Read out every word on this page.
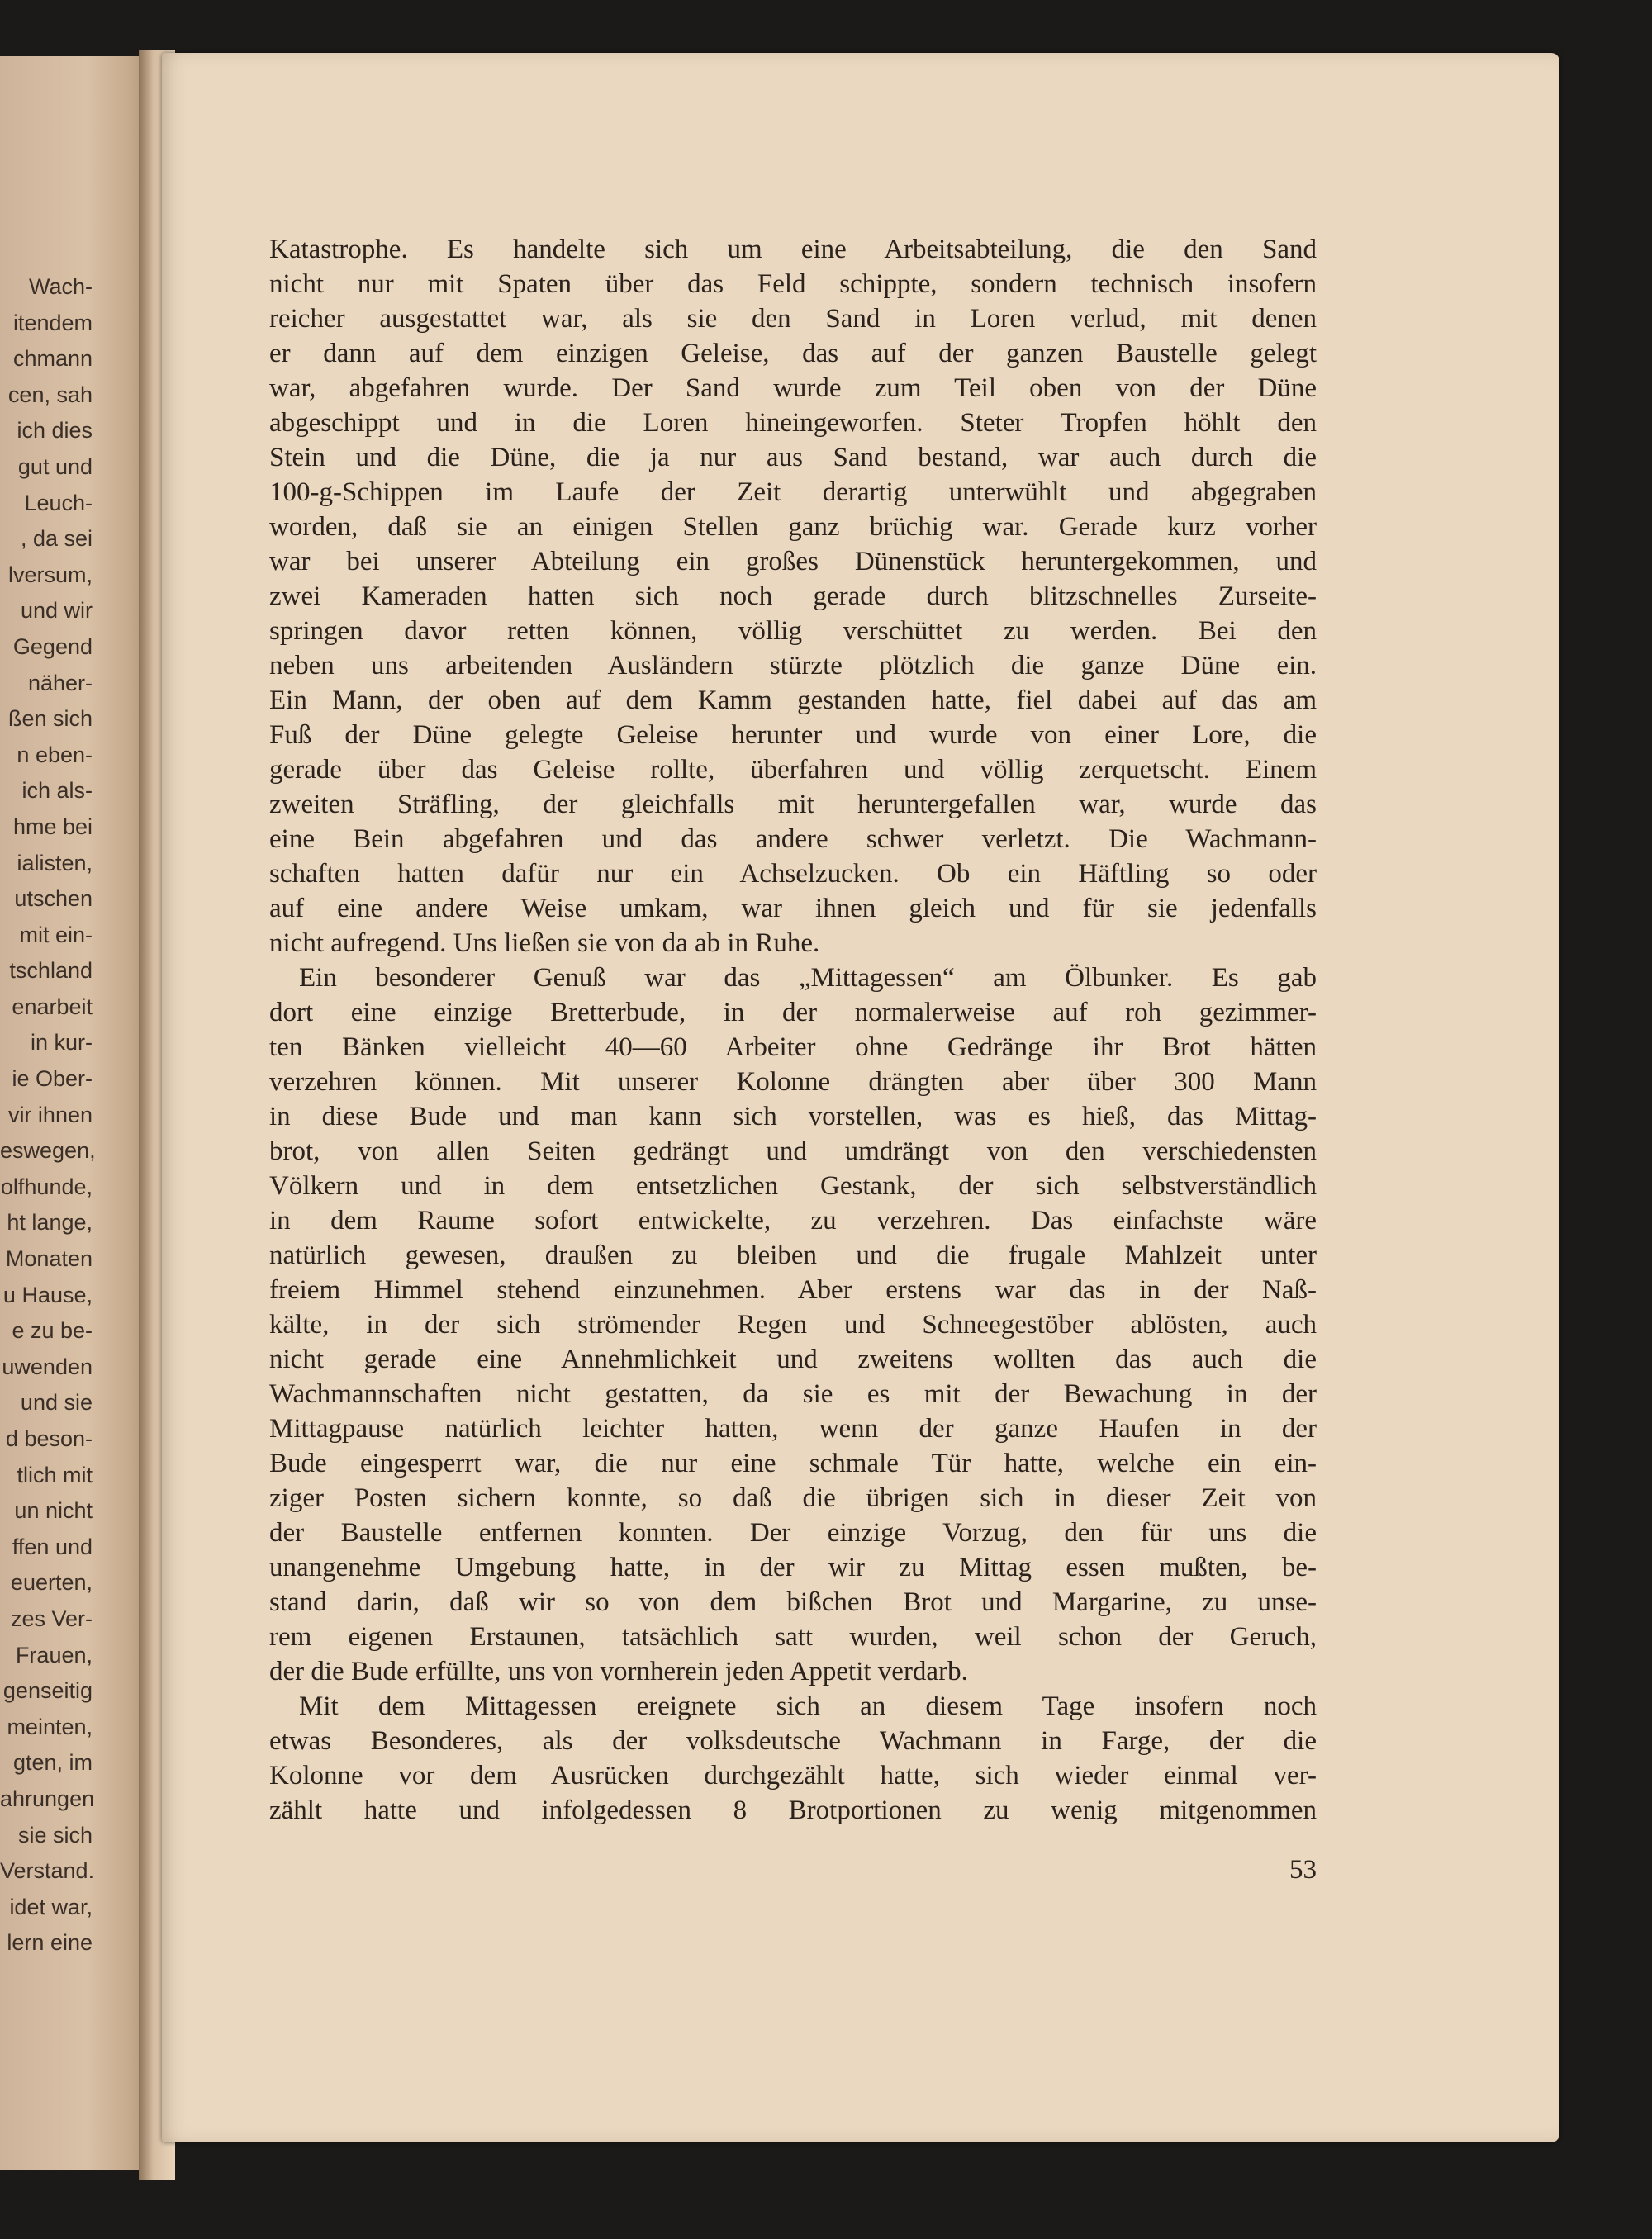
Wach-
itendem
chmann
cen, sah
ich dies
gut und
Leuch-
, da sei
lversum,
und wir
Gegend
näher-
ßen sich
n eben-
ich als-
hme bei
ialisten,
utschen
mit ein-
tschland
enarbeit
in kur-
ie Ober-
vir ihnen
eswegen,
olfhunde,
ht lange,
Monaten
u Hause,
e zu be-
uwenden
und sie
d beson-
tlich mit
un nicht
ffen und
euerten,
zes Ver-
Frauen,
genseitig
meinten,
gten, im
ahrungen
sie sich
Verstand.
idet war,
lern eine
Katastrophe. Es handelte sich um eine Arbeitsabteilung, die den Sand
nicht nur mit Spaten über das Feld schippte, sondern technisch insofern
reicher ausgestattet war, als sie den Sand in Loren verlud, mit denen
er dann auf dem einzigen Geleise, das auf der ganzen Baustelle gelegt
war, abgefahren wurde. Der Sand wurde zum Teil oben von der Düne
abgeschippt und in die Loren hineingeworfen. Steter Tropfen höhlt den
Stein und die Düne, die ja nur aus Sand bestand, war auch durch die
100-g-Schippen im Laufe der Zeit derartig unterwühlt und abgegraben
worden, daß sie an einigen Stellen ganz brüchig war. Gerade kurz vorher
war bei unserer Abteilung ein großes Dünenstück heruntergekommen, und
zwei Kameraden hatten sich noch gerade durch blitzschnelles Zurseite-
springen davor retten können, völlig verschüttet zu werden. Bei den
neben uns arbeitenden Ausländern stürzte plötzlich die ganze Düne ein.
Ein Mann, der oben auf dem Kamm gestanden hatte, fiel dabei auf das am
Fuß der Düne gelegte Geleise herunter und wurde von einer Lore, die
gerade über das Geleise rollte, überfahren und völlig zerquetscht. Einem
zweiten Sträfling, der gleichfalls mit heruntergefallen war, wurde das
eine Bein abgefahren und das andere schwer verletzt. Die Wachmann-
schaften hatten dafür nur ein Achselzucken. Ob ein Häftling so oder
auf eine andere Weise umkam, war ihnen gleich und für sie jedenfalls
nicht aufregend. Uns ließen sie von da ab in Ruhe.
Ein besonderer Genuß war das „Mittagessen“ am Ölbunker. Es gab
dort eine einzige Bretterbude, in der normalerweise auf roh gezimmer-
ten Bänken vielleicht 40—60 Arbeiter ohne Gedränge ihr Brot hätten
verzehren können. Mit unserer Kolonne drängten aber über 300 Mann
in diese Bude und man kann sich vorstellen, was es hieß, das Mittag-
brot, von allen Seiten gedrängt und umdrängt von den verschiedensten
Völkern und in dem entsetzlichen Gestank, der sich selbstverständlich
in dem Raume sofort entwickelte, zu verzehren. Das einfachste wäre
natürlich gewesen, draußen zu bleiben und die frugale Mahlzeit unter
freiem Himmel stehend einzunehmen. Aber erstens war das in der Naß-
kälte, in der sich strömender Regen und Schneegestöber ablösten, auch
nicht gerade eine Annehmlichkeit und zweitens wollten das auch die
Wachmannschaften nicht gestatten, da sie es mit der Bewachung in der
Mittagpause natürlich leichter hatten, wenn der ganze Haufen in der
Bude eingesperrt war, die nur eine schmale Tür hatte, welche ein ein-
ziger Posten sichern konnte, so daß die übrigen sich in dieser Zeit von
der Baustelle entfernen konnten. Der einzige Vorzug, den für uns die
unangenehme Umgebung hatte, in der wir zu Mittag essen mußten, be-
stand darin, daß wir so von dem bißchen Brot und Margarine, zu unse-
rem eigenen Erstaunen, tatsächlich satt wurden, weil schon der Geruch,
der die Bude erfüllte, uns von vornherein jeden Appetit verdarb.
Mit dem Mittagessen ereignete sich an diesem Tage insofern noch
etwas Besonderes, als der volksdeutsche Wachmann in Farge, der die
Kolonne vor dem Ausrücken durchgezählt hatte, sich wieder einmal ver-
zählt hatte und infolgedessen 8 Brotportionen zu wenig mitgenommen
53
